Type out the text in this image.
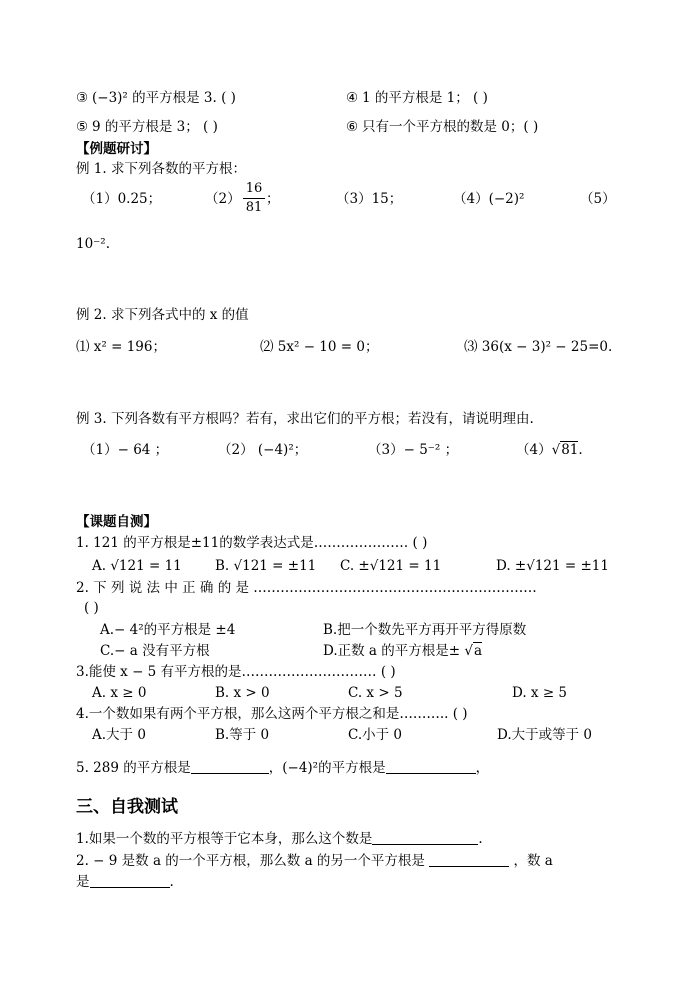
(−3)² 的平方根是 3. ( )	1 的平方根是 1； ( )
9 的平方根是 3； ( )	只有一个平方根的数是 0；( )
③	④
⑤	⑥
【例题研讨】
例 1. 求下列各数的平方根：
（1）0.25；	（2）
16
81
；	（3）15；	（4）(−2)²	（5）
10⁻².
例 2. 求下列各式中的 x 的值
⑴ x² = 196；	⑵ 5x² − 10 = 0；	⑶ 36(x − 3)² − 25=0.
例 3. 下列各数有平方根吗？若有，求出它们的平方根；若没有，请说明理由.
（1）− 64 ；	（2） (−4)²；	（3）− 5⁻² ；	（4）√81.
【课题自测】
1. 121 的平方根是±11的数学表达式是………………… ( )
A. √121 = 11 B. √121 = ±11 C. ±√121 = 11	D. ±√121 = ±11
2. 下 列 说 法 中 正 确 的 是 ………………………………………………………
( )
A.− 4²的平方根是 ±4	B.把一个数先平方再开平方得原数
C.− a 没有平方根	D.正数 a 的平方根是± √a
3.能使 x − 5 有平方根的是………………………… ( )
A. x ≥ 0	B. x > 0	C. x > 5	D. x ≥ 5
4.一个数如果有两个平方根，那么这两个平方根之和是……….. ( )
A.大于 0	B.等于 0	C.小于 0	D.大于或等于 0
5. 289 的平方根是	，(−4)²的平方根是	，
三、自我测试
1.如果一个数的平方根等于它本身，那么这个数是	.
2. − 9 是数 a 的一个平方根，那么数 a 的另一个平方根是	，数 a
是	.
